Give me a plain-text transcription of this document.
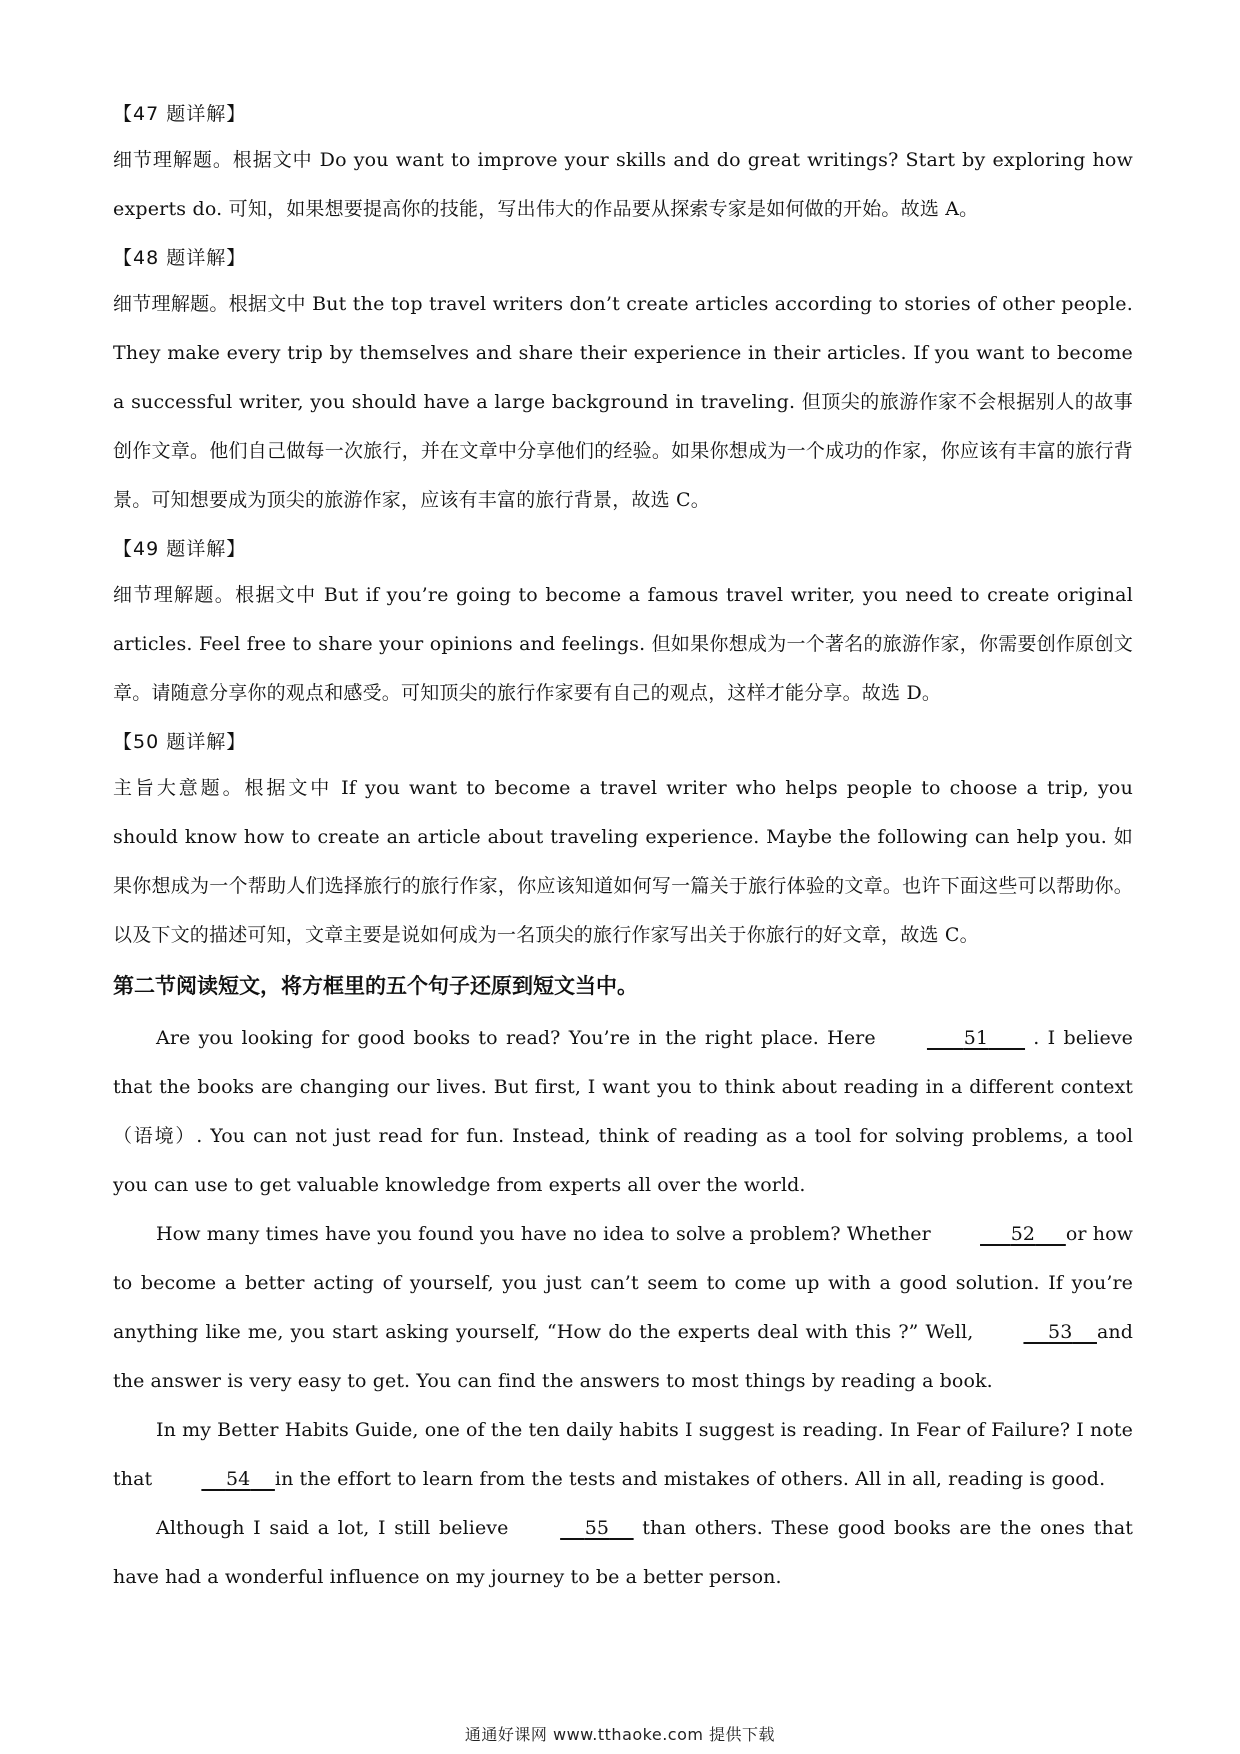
【47 题详解】

细节理解题。根据文中 Do you want to improve your skills and do great writings? Start by exploring how experts do. 可知，如果想要提高你的技能，写出伟大的作品要从探索专家是如何做的开始。故选 A。

【48 题详解】

细节理解题。根据文中 But the top travel writers don’t create articles according to stories of other people. They make every trip by themselves and share their experience in their articles. If you want to become a successful writer, you should have a large background in traveling. 但顶尖的旅游作家不会根据别人的故事创作文章。他们自己做每一次旅行，并在文章中分享他们的经验。如果你想成为一个成功的作家，你应该有丰富的旅行背景。可知想要成为顶尖的旅游作家，应该有丰富的旅行背景，故选 C。

【49 题详解】

细节理解题。根据文中 But if you’re going to become a famous travel writer, you need to create original articles. Feel free to share your opinions and feelings. 但如果你想成为一个著名的旅游作家，你需要创作原创文章。请随意分享你的观点和感受。可知顶尖的旅行作家要有自己的观点，这样才能分享。故选 D。

【50 题详解】

主旨大意题。根据文中 If you want to become a travel writer who helps people to choose a trip, you should know how to create an article about traveling experience. Maybe the following can help you. 如果你想成为一个帮助人们选择旅行的旅行作家，你应该知道如何写一篇关于旅行体验的文章。也许下面这些可以帮助你。以及下文的描述可知，文章主要是说如何成为一名顶尖的旅行作家写出关于你旅行的好文章，故选 C。

第二节阅读短文，将方框里的五个句子还原到短文当中。

Are you looking for good books to read? You’re in the right place. Here	51       . I believe that the books are changing our lives. But first, I want you to think about reading in a different context（语境）. You can not just read for fun. Instead, think of reading as a tool for solving problems, a tool you can use to get valuable knowledge from experts all over the world.

How many times have you found you have no idea to solve a problem? Whether	52 or how to become a better acting of yourself, you just can’t seem to come up with a good solution. If you’re anything like me, you start asking yourself, “How do the experts deal with this ?” Well,	53 and the answer is very easy to get. You can find the answers to most things by reading a book.

In my Better Habits Guide, one of the ten daily habits I suggest is reading. In Fear of Failure? I note that	54 in the effort to learn from the tests and mistakes of others. All in all, reading is good.

Although I said a lot, I still believe	55     than others. These good books are the ones that have had a wonderful influence on my journey to be a better person.

通通好课网 www.tthaoke.com 提供下载
